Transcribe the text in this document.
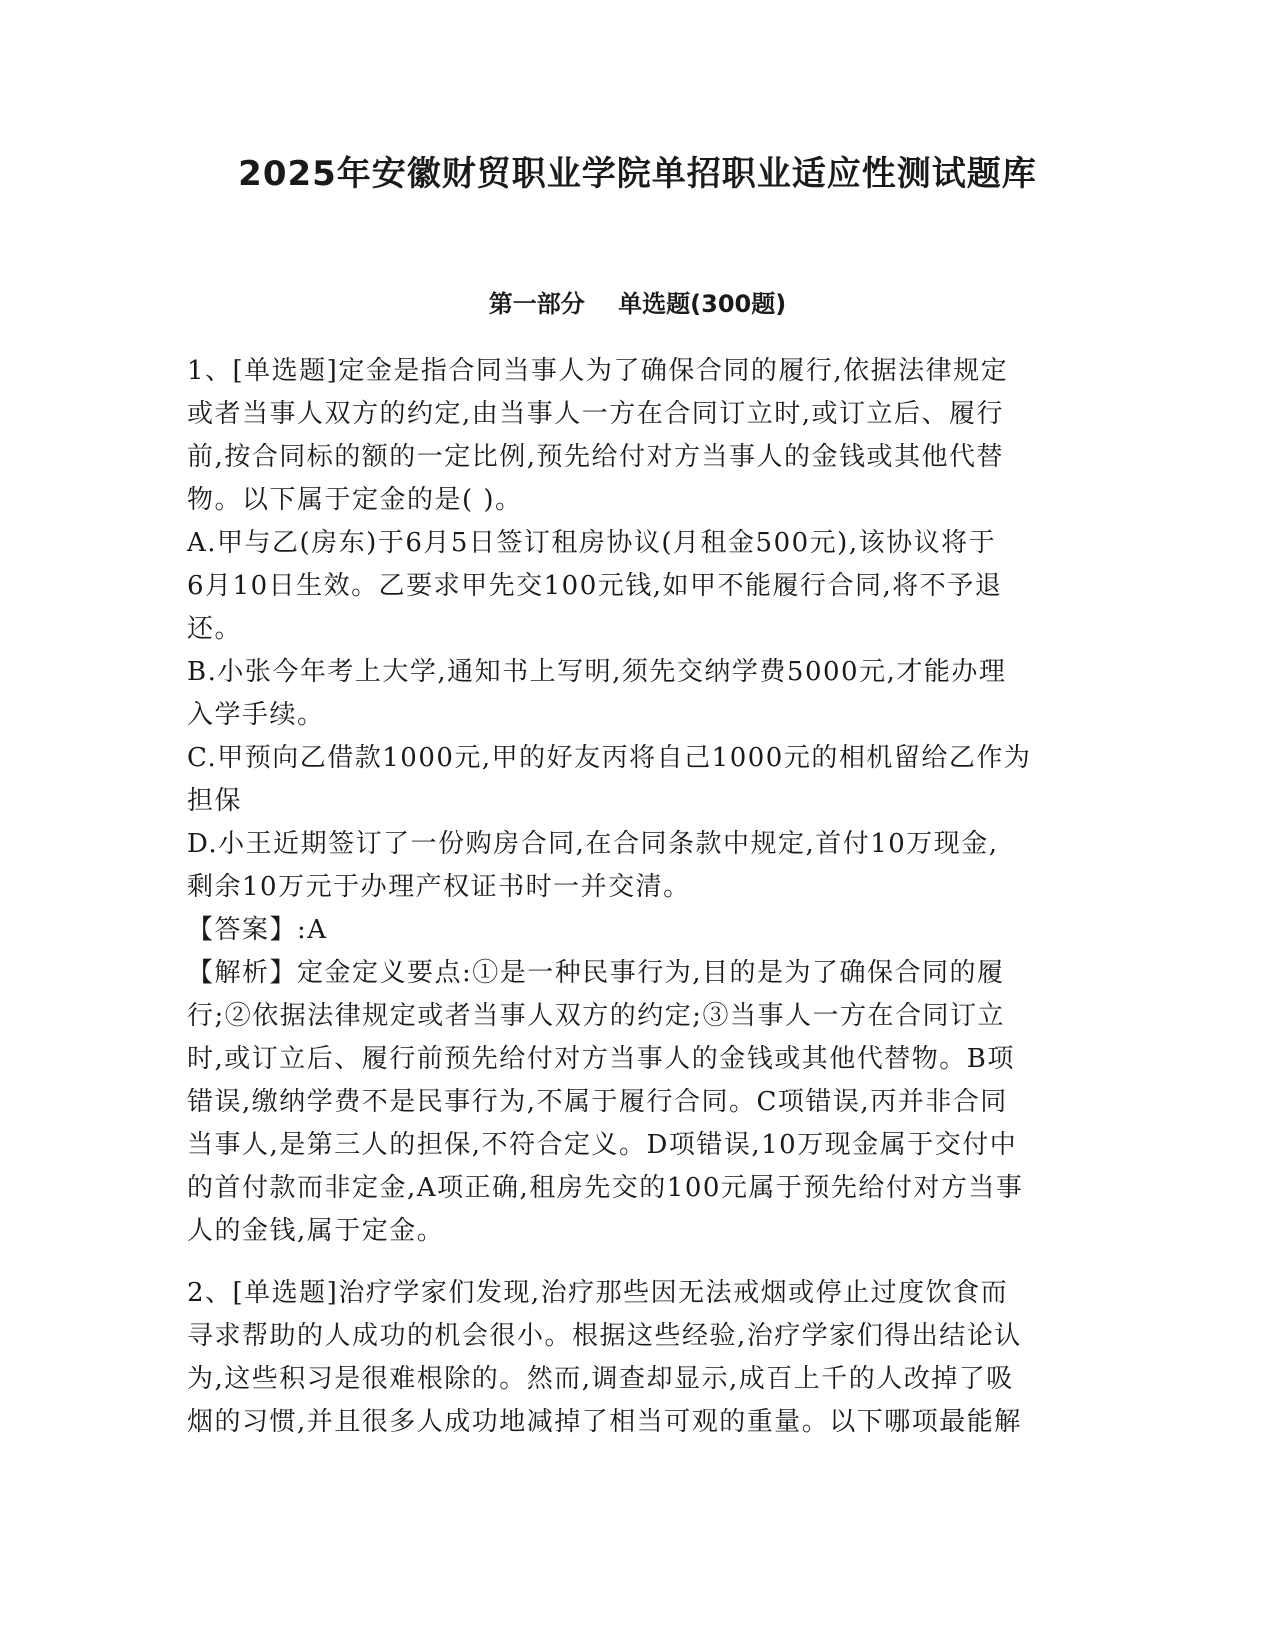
2025年安徽财贸职业学院单招职业适应性测试题库
第一部分    单选题(300题)
1、[单选题]定金是指合同当事人为了确保合同的履行,依据法律规定
或者当事人双方的约定,由当事人一方在合同订立时,或订立后、履行
前,按合同标的额的一定比例,预先给付对方当事人的金钱或其他代替
物。以下属于定金的是( )。
A.甲与乙(房东)于6月5日签订租房协议(月租金500元),该协议将于
6月10日生效。乙要求甲先交100元钱,如甲不能履行合同,将不予退
还。
B.小张今年考上大学,通知书上写明,须先交纳学费5000元,才能办理
入学手续。
C.甲预向乙借款1000元,甲的好友丙将自己1000元的相机留给乙作为
担保
D.小王近期签订了一份购房合同,在合同条款中规定,首付10万现金,
剩余10万元于办理产权证书时一并交清。
【答案】:A
【解析】定金定义要点:①是一种民事行为,目的是为了确保合同的履
行;②依据法律规定或者当事人双方的约定;③当事人一方在合同订立
时,或订立后、履行前预先给付对方当事人的金钱或其他代替物。B项
错误,缴纳学费不是民事行为,不属于履行合同。C项错误,丙并非合同
当事人,是第三人的担保,不符合定义。D项错误,10万现金属于交付中
的首付款而非定金,A项正确,租房先交的100元属于预先给付对方当事
人的金钱,属于定金。
2、[单选题]治疗学家们发现,治疗那些因无法戒烟或停止过度饮食而
寻求帮助的人成功的机会很小。根据这些经验,治疗学家们得出结论认
为,这些积习是很难根除的。然而,调查却显示,成百上千的人改掉了吸
烟的习惯,并且很多人成功地减掉了相当可观的重量。以下哪项最能解
